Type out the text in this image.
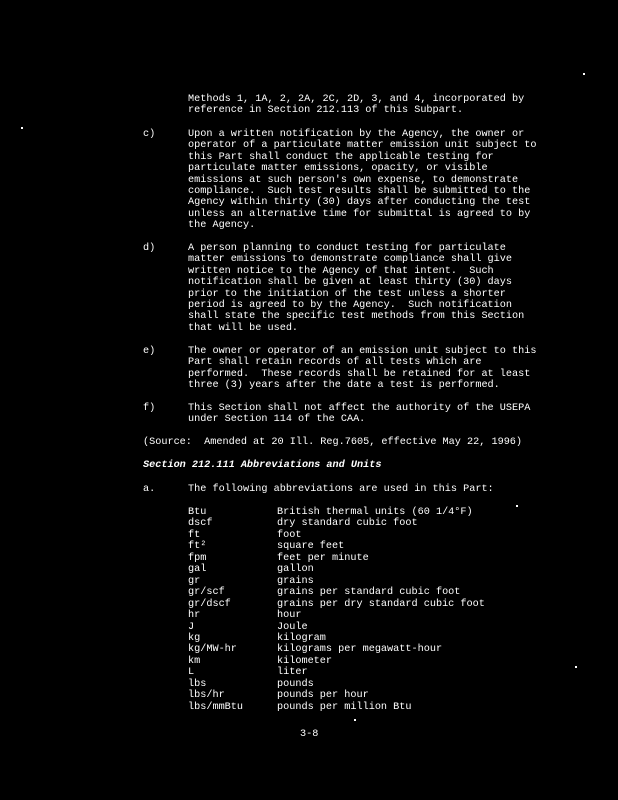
Methods 1, 1A, 2, 2A, 2C, 2D, 3, and 4, incorporated by
reference in Section 212.113 of this Subpart.
c)	Upon a written notification by the Agency, the owner or
operator of a particulate matter emission unit subject to
this Part shall conduct the applicable testing for
particulate matter emissions, opacity, or visible
emissions at such person's own expense, to demonstrate
compliance.  Such test results shall be submitted to the
Agency within thirty (30) days after conducting the test
unless an alternative time for submittal is agreed to by
the Agency.
d)	A person planning to conduct testing for particulate
matter emissions to demonstrate compliance shall give
written notice to the Agency of that intent.  Such
notification shall be given at least thirty (30) days
prior to the initiation of the test unless a shorter
period is agreed to by the Agency.  Such notification
shall state the specific test methods from this Section
that will be used.
e)	The owner or operator of an emission unit subject to this
Part shall retain records of all tests which are
performed.  These records shall be retained for at least
three (3) years after the date a test is performed.
f)	This Section shall not affect the authority of the USEPA
under Section 114 of the CAA.
(Source:  Amended at 20 Ill. Reg.7605, effective May 22, 1996)
Section 212.111 Abbreviations and Units
a.	The following abbreviations are used in this Part:
Btu	British thermal units (60 1/4°F)
dscf	dry standard cubic foot
ft	foot
ft²	square feet
fpm	feet per minute
gal	gallon
gr	grains
gr/scf	grains per standard cubic foot
gr/dscf	grains per dry standard cubic foot
hr	hour
J	Joule
kg	kilogram
kg/MW-hr	kilograms per megawatt-hour
km	kilometer
L	liter
lbs	pounds
lbs/hr	pounds per hour
lbs/mmBtu	pounds per million Btu
3-8
